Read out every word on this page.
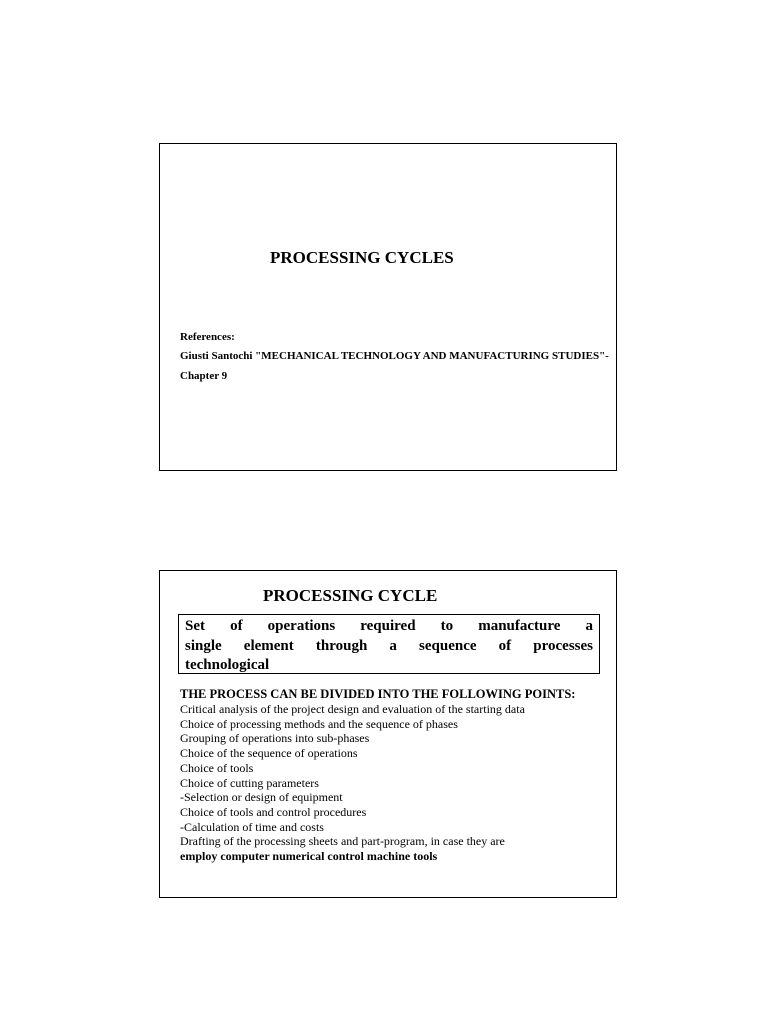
PROCESSING CYCLES
References:
Giusti Santochi "MECHANICAL TECHNOLOGY AND MANUFACTURING STUDIES"-
Chapter 9
PROCESSING CYCLE
Set of operations required to manufacture a
single element through a sequence of processes
technological
THE PROCESS CAN BE DIVIDED INTO THE FOLLOWING POINTS:
Critical analysis of the project design and evaluation of the starting data
Choice of processing methods and the sequence of phases
Grouping of operations into sub-phases
Choice of the sequence of operations
Choice of tools
Choice of cutting parameters
-Selection or design of equipment
Choice of tools and control procedures
-Calculation of time and costs
Drafting of the processing sheets and part-program, in case they are
employ computer numerical control machine tools
